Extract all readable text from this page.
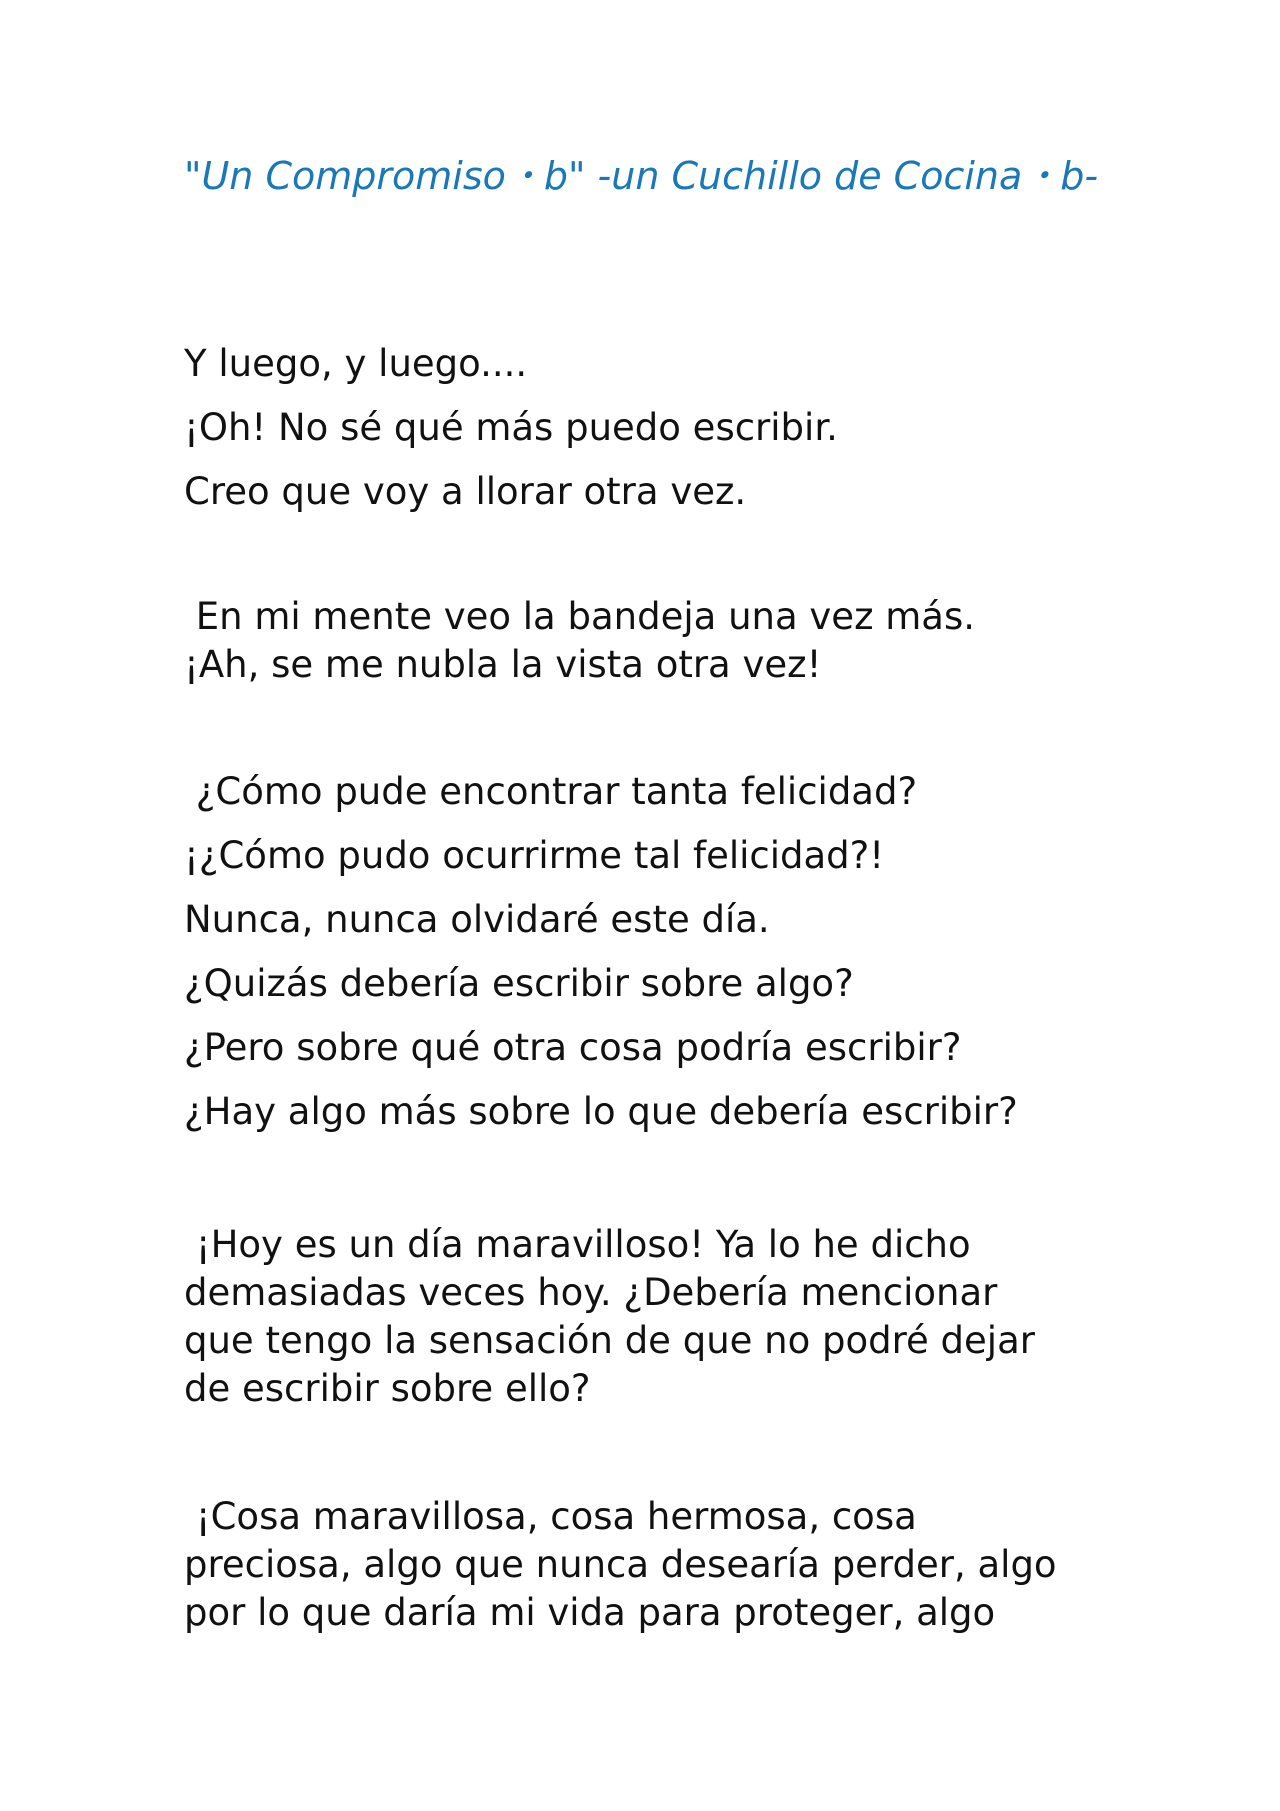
"Un Compromiso・b" -un Cuchillo de Cocina・b-
Y luego, y luego....
¡Oh! No sé qué más puedo escribir.
Creo que voy a llorar otra vez.
En mi mente veo la bandeja una vez más.
¡Ah, se me nubla la vista otra vez!
¿Cómo pude encontrar tanta felicidad?
¡¿Cómo pudo ocurrirme tal felicidad?!
Nunca, nunca olvidaré este día.
¿Quizás debería escribir sobre algo?
¿Pero sobre qué otra cosa podría escribir?
¿Hay algo más sobre lo que debería escribir?
¡Hoy es un día maravilloso! Ya lo he dicho
demasiadas veces hoy. ¿Debería mencionar
que tengo la sensación de que no podré dejar
de escribir sobre ello?
¡Cosa maravillosa, cosa hermosa, cosa
preciosa, algo que nunca desearía perder, algo
por lo que daría mi vida para proteger, algo
